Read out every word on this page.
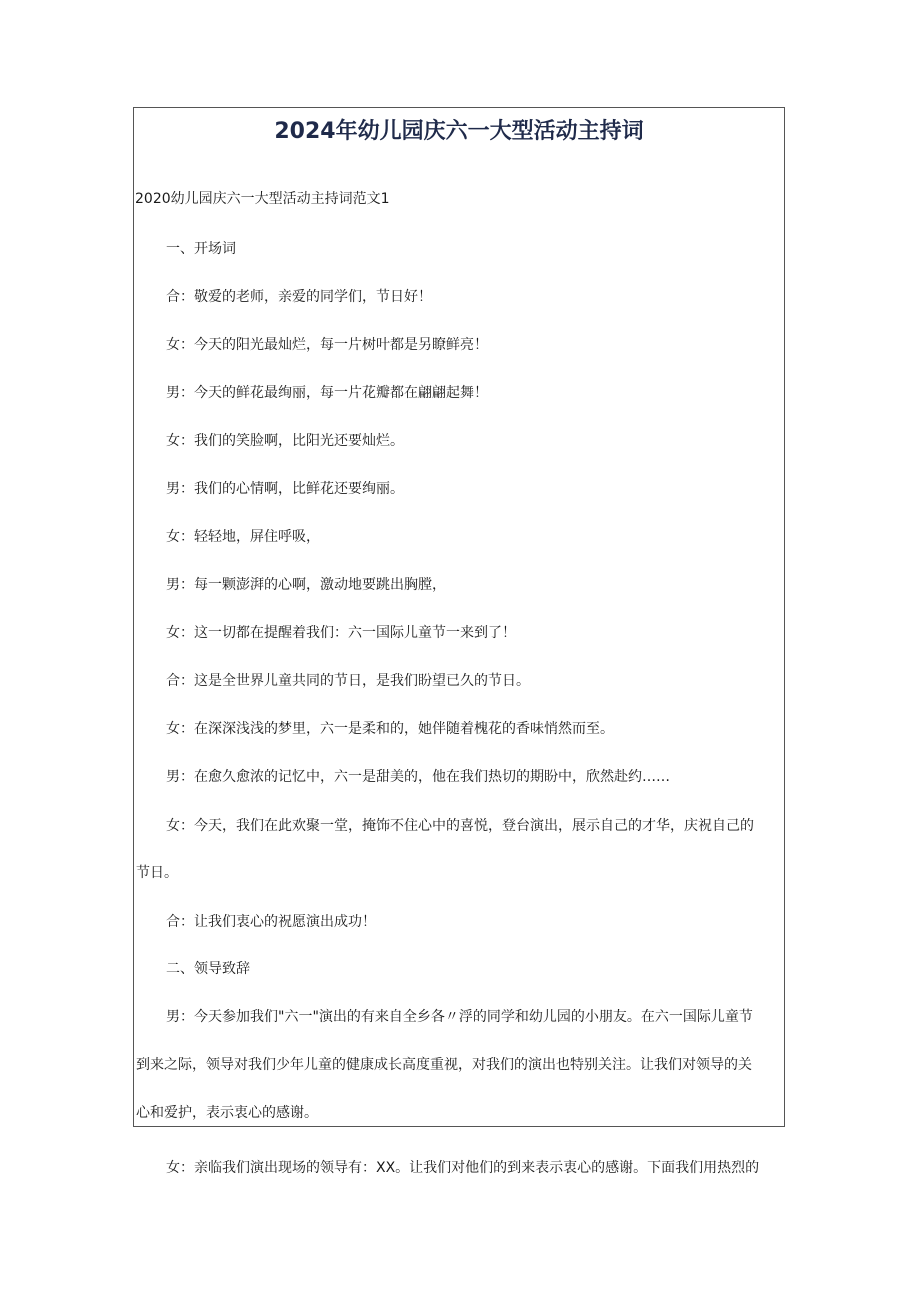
2024年幼儿园庆六一大型活动主持词
2020幼儿园庆六一大型活动主持词范文1
一、开场词
合：敬爱的老师，亲爱的同学们，节日好！
女：今天的阳光最灿烂，每一片树叶都是另瞭鲜亮！
男：今天的鲜花最绚丽，每一片花瓣都在翩翩起舞！
女：我们的笑脸啊，比阳光还要灿烂。
男：我们的心情啊，比鲜花还要绚丽。
女：轻轻地，屏住呼吸，
男：每一颗澎湃的心啊，激动地要跳出胸膛，
女：这一切都在提醒着我们：六一国际儿童节一来到了！
合：这是全世界儿童共同的节日，是我们盼望已久的节日。
女：在深深浅浅的梦里，六一是柔和的，她伴随着槐花的香味悄然而至。
男：在愈久愈浓的记忆中，六一是甜美的，他在我们热切的期盼中，欣然赴约……
女：今天，我们在此欢聚一堂，掩饰不住心中的喜悦，登台演出，展示自己的才华，庆祝自己的
节日。
合：让我们衷心的祝愿演出成功！
二、领导致辞
男：今天参加我们"六一"演出的有来自全乡各〃浮的同学和幼儿园的小朋友。在六一国际儿童节
到来之际，领导对我们少年儿童的健康成长高度重视，对我们的演出也特别关注。让我们对领导的关
心和爱护，表示衷心的感谢。
女：亲临我们演出现场的领导有：XX。让我们对他们的到来表示衷心的感谢。下面我们用热烈的
